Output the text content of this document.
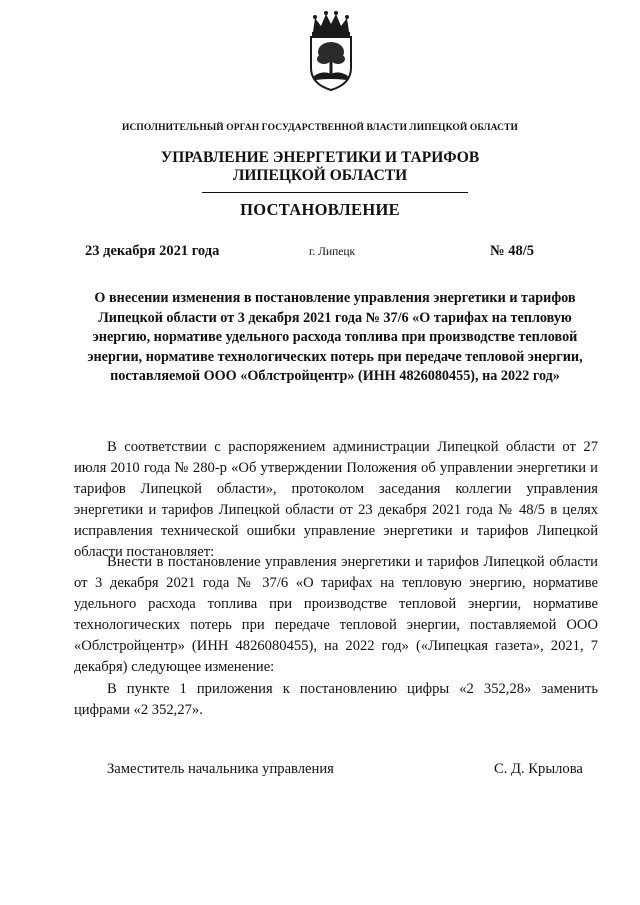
ИСПОЛНИТЕЛЬНЫЙ ОРГАН ГОСУДАРСТВЕННОЙ ВЛАСТИ ЛИПЕЦКОЙ ОБЛАСТИ
УПРАВЛЕНИЕ ЭНЕРГЕТИКИ И ТАРИФОВ
ЛИПЕЦКОЙ ОБЛАСТИ
ПОСТАНОВЛЕНИЕ
23 декабря 2021 года	г. Липецк	№ 48/5
О внесении изменения в постановление управления энергетики и тарифов Липецкой области от 3 декабря 2021 года № 37/6 «О тарифах на тепловую энергию, нормативе удельного расхода топлива при производстве тепловой энергии, нормативе технологических потерь при передаче тепловой энергии, поставляемой ООО «Облстройцентр» (ИНН 4826080455), на 2022 год»

В соответствии с распоряжением администрации Липецкой области от 27 июля 2010 года № 280-р «Об утверждении Положения об управлении энергетики и тарифов Липецкой области», протоколом заседания коллегии управления энергетики и тарифов Липецкой области от 23 декабря 2021 года № 48/5 в целях исправления технической ошибки управление энергетики и тарифов Липецкой области постановляет:

Внести в постановление управления энергетики и тарифов Липецкой области от 3 декабря 2021 года № 37/6 «О тарифах на тепловую энергию, нормативе удельного расхода топлива при производстве тепловой энергии, нормативе технологических потерь при передаче тепловой энергии, поставляемой ООО «Облстройцентр» (ИНН 4826080455), на 2022 год» («Липецкая газета», 2021, 7 декабря) следующее изменение:

В пункте 1 приложения к постановлению цифры «2 352,28» заменить цифрами «2 352,27».

Заместитель начальника управления	С. Д. Крылова
